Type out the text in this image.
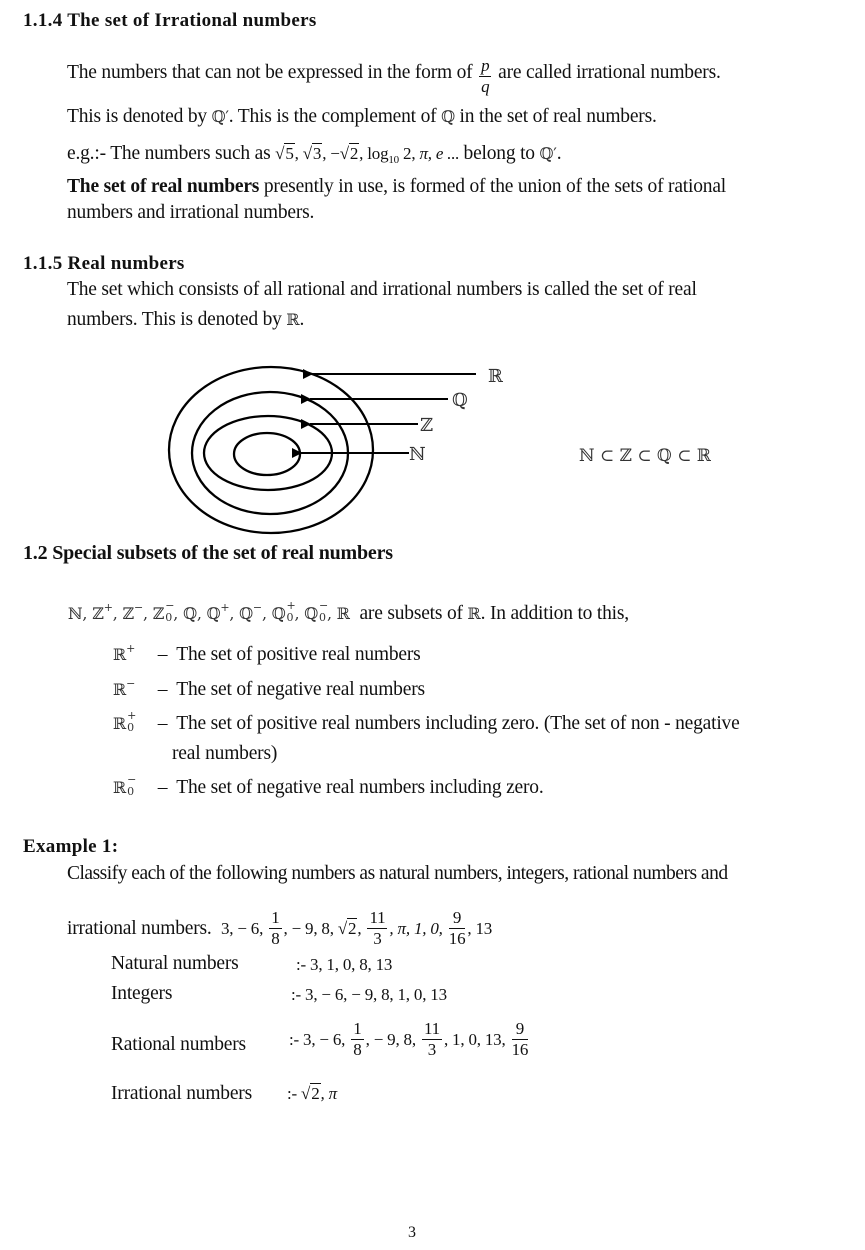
1.1.4 The set of Irrational numbers
The numbers that can not be expressed in the form of $\frac{p}{q}$ are called irrational numbers.
This is denoted by ℚ′. This is the complement of ℚ in the set of real numbers.
e.g.:- The numbers such as √5, √3, −√2, $\log_{10} 2$, π, e ... belong to ℚ′.
The set of real numbers presently in use, is formed of the union of the sets of rational
numbers and irrational numbers.
1.1.5 Real numbers
The set which consists of all rational and irrational numbers is called the set of real
numbers. This is denoted by ℝ.
ℝ
ℚ
ℤ
ℕ	ℕ ⊂ ℤ ⊂ ℚ ⊂ ℝ
1.2 Special subsets of the set of real numbers
ℕ, ℤ+, ℤ−, ℤ −
0 , ℚ, ℚ+, ℚ−, ℚ +
0 , ℚ −
0 , ℝ are subsets of ℝ. In addition to this,
ℝ+ – The set of positive real numbers
ℝ− – The set of negative real numbers
ℝ +
0 – The set of positive real numbers including zero. (The set of non - negative
real numbers)
ℝ −
0 – The set of negative real numbers including zero.
Example 1:
Classify each of the following numbers as natural numbers, integers, rational numbers and
irrational numbers. 3, − 6, $\frac{1}{8}$ , − 9, 8, √2, $\frac{11}{3}$ , π, 1, 0, $\frac{9}{16}$ , 13
Natural numbers	:- 3, 1, 0, 8, 13
Integers	:- 3, − 6, − 9, 8, 1, 0, 13
Rational numbers	:- 3, − 6, $\frac{1}{8}$ , − 9, 8, $\frac{11}{3}$ , 1, 0, 13, $\frac{9}{16}$
Irrational numbers :- √2, π
3
